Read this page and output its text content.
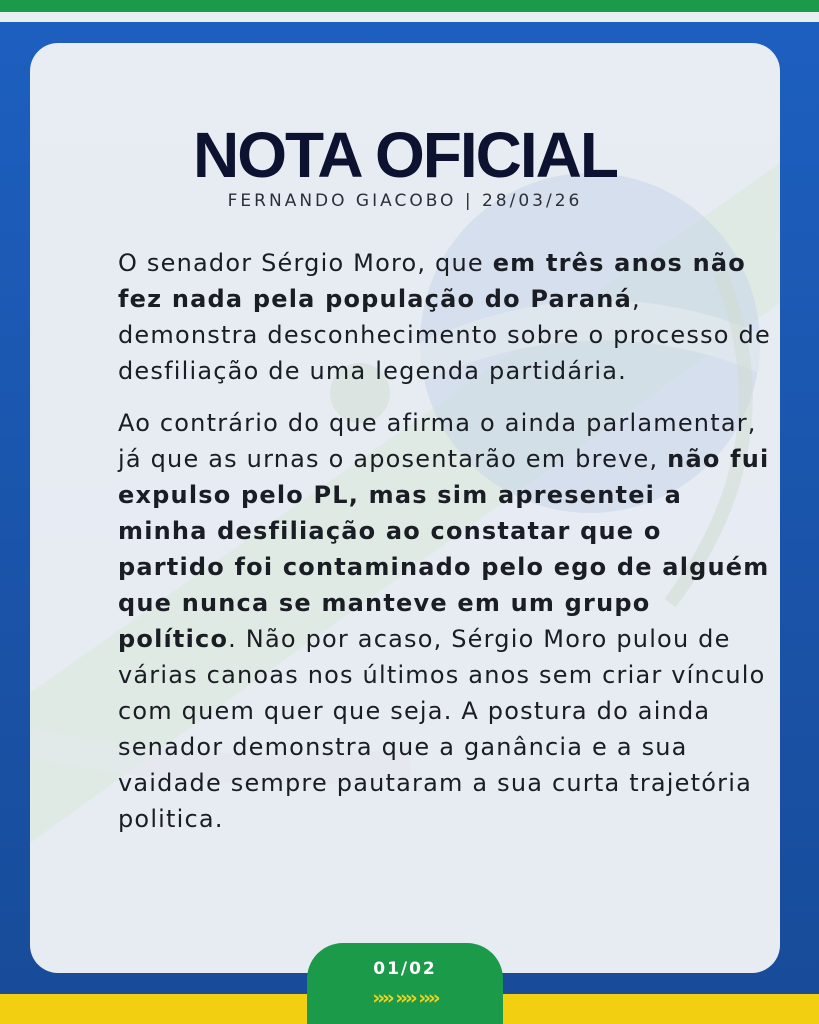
NOTA OFICIAL
FERNANDO GIACOBO | 28/03/26

O senador Sérgio Moro, que em três anos não fez nada pela população do Paraná, demonstra desconhecimento sobre o processo de desfiliação de uma legenda partidária.

Ao contrário do que afirma o ainda parlamentar, já que as urnas o aposentarão em breve, não fui expulso pelo PL, mas sim apresentei a minha desfiliação ao constatar que o partido foi contaminado pelo ego de alguém que nunca se manteve em um grupo político. Não por acaso, Sérgio Moro pulou de várias canoas nos últimos anos sem criar vínculo com quem quer que seja. A postura do ainda senador demonstra que a ganância e a sua vaidade sempre pautaram a sua curta trajetória politica.

01/02
›››› ›››› ››››
